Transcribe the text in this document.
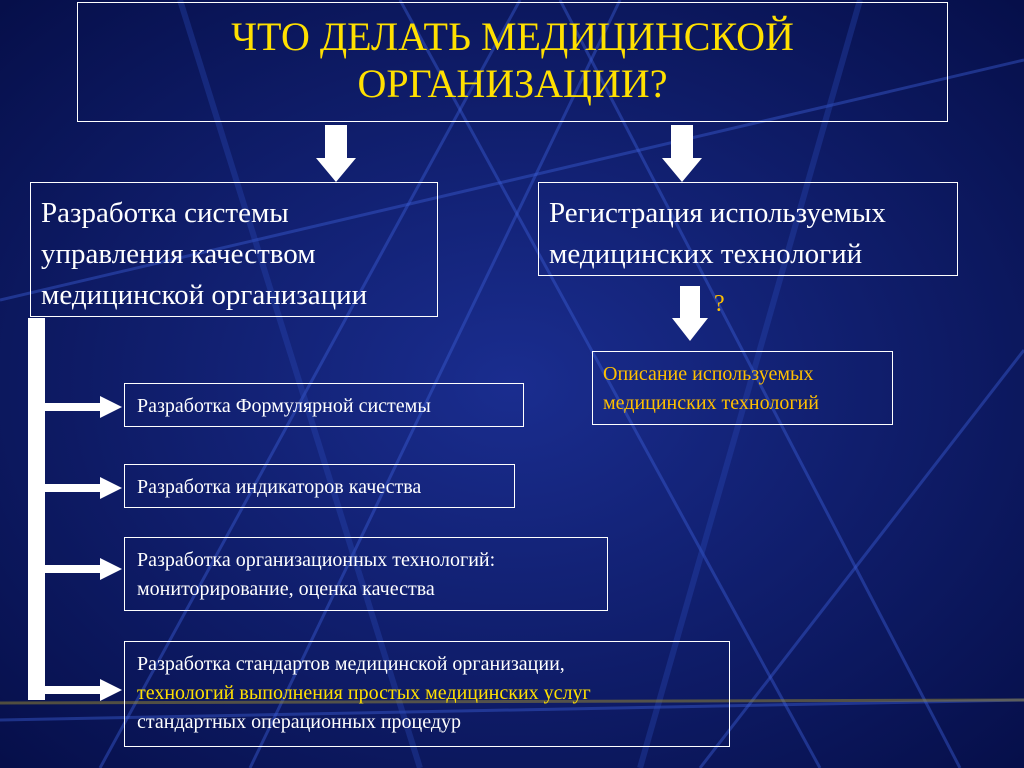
ЧТО ДЕЛАТЬ МЕДИЦИНСКОЙ
ОРГАНИЗАЦИИ?
Разработка системы
управления качеством
медицинской организации
Регистрация используемых
медицинских технологий
?
Описание используемых
медицинских технологий
Разработка Формулярной системы
Разработка индикаторов качества
Разработка организационных технологий:
мониторирование, оценка качества
Разработка стандартов медицинской организации,
технологий выполнения простых медицинских услуг
стандартных операционных процедур
